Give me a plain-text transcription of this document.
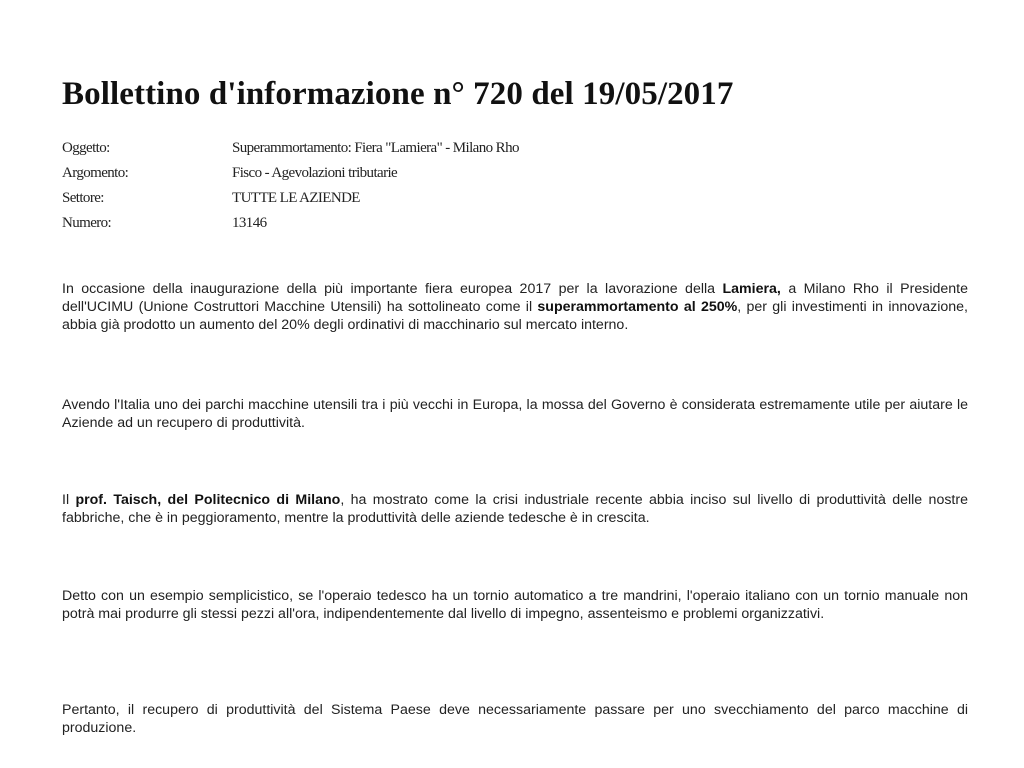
Bollettino d'informazione n° 720 del 19/05/2017
Oggetto:	Superammortamento: Fiera "Lamiera" - Milano Rho
Argomento:	Fisco - Agevolazioni tributarie
Settore:	TUTTE LE AZIENDE
Numero:	13146

In occasione della inaugurazione della più importante fiera europea 2017 per la lavorazione della Lamiera, a Milano Rho il Presidente dell'UCIMU (Unione Costruttori Macchine Utensili) ha sottolineato come il superammortamento al 250%, per gli investimenti in innovazione, abbia già prodotto un aumento del 20% degli ordinativi di macchinario sul mercato interno.

Avendo l'Italia uno dei parchi macchine utensili tra i più vecchi in Europa, la mossa del Governo è considerata estremamente utile per aiutare le Aziende ad un recupero di produttività.

Il prof. Taisch, del Politecnico di Milano, ha mostrato come la crisi industriale recente abbia inciso sul livello di produttività delle nostre fabbriche, che è in peggioramento, mentre la produttività delle aziende tedesche è in crescita.

Detto con un esempio semplicistico, se l'operaio tedesco ha un tornio automatico a tre mandrini, l'operaio italiano con un tornio manuale non potrà mai produrre gli stessi pezzi all'ora, indipendentemente dal livello di impegno, assenteismo e problemi organizzativi.

Pertanto, il recupero di produttività del Sistema Paese deve necessariamente passare per uno svecchiamento del parco macchine di produzione.
